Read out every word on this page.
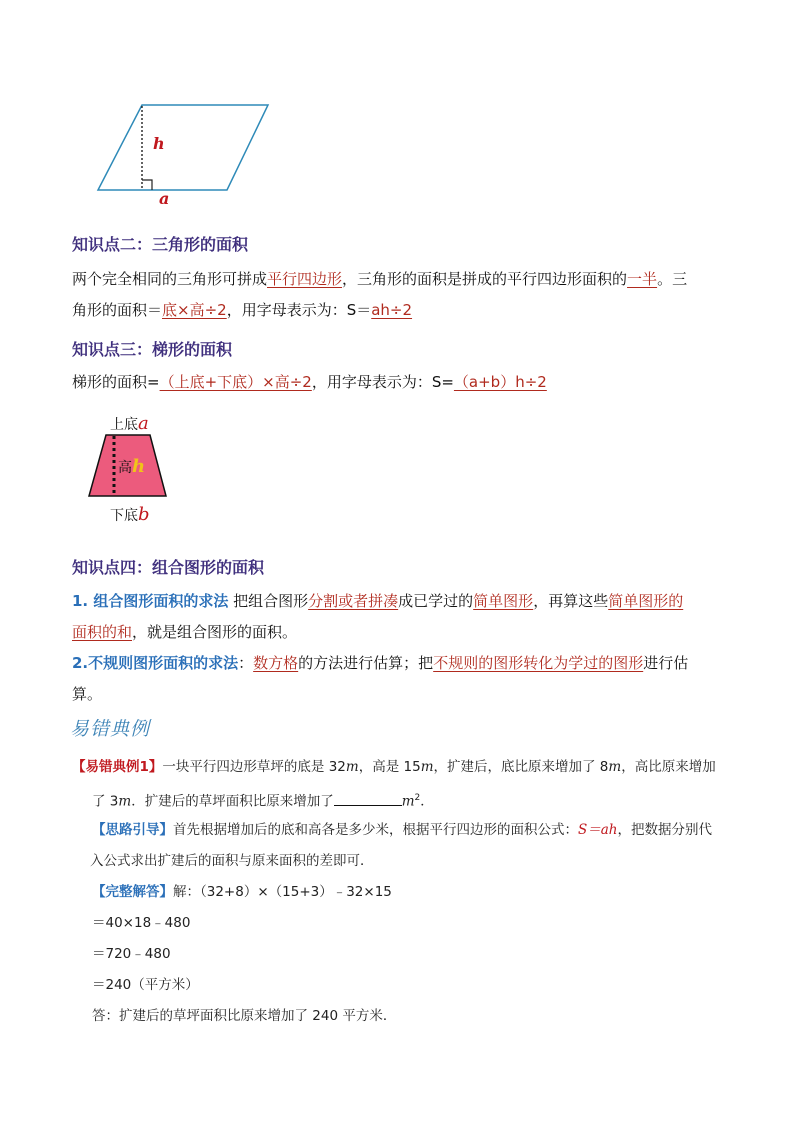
h
a
知识点二：三角形的面积
两个完全相同的三角形可拼成平行四边形，三角形的面积是拼成的平行四边形面积的一半。三
角形的面积＝底×高÷2，用字母表示为：S＝ah÷2
知识点三：梯形的面积
梯形的面积=（上底+下底）×高÷2，用字母表示为：S=（a+b）h÷2
上底a
高h
下底b
知识点四：组合图形的面积
1. 组合图形面积的求法 把组合图形分割或者拼凑成已学过的简单图形，再算这些简单图形的
面积的和，就是组合图形的面积。
2.不规则图形面积的求法：数方格的方法进行估算；把不规则的图形转化为学过的图形进行估
算。
易错典例
【易错典例1】一块平行四边形草坪的底是 32m，高是 15m，扩建后，底比原来增加了 8m，高比原来增加
了 3m．扩建后的草坪面积比原来增加了	$m^2$．
【思路引导】首先根据增加后的底和高各是多少米，根据平行四边形的面积公式：S＝ah，把数据分别代
入公式求出扩建后的面积与原来面积的差即可．
【完整解答】解：（32+8）×（15+3）﹣32×15
＝40×18﹣480
＝720﹣480
＝240（平方米）
答：扩建后的草坪面积比原来增加了 240 平方米．
